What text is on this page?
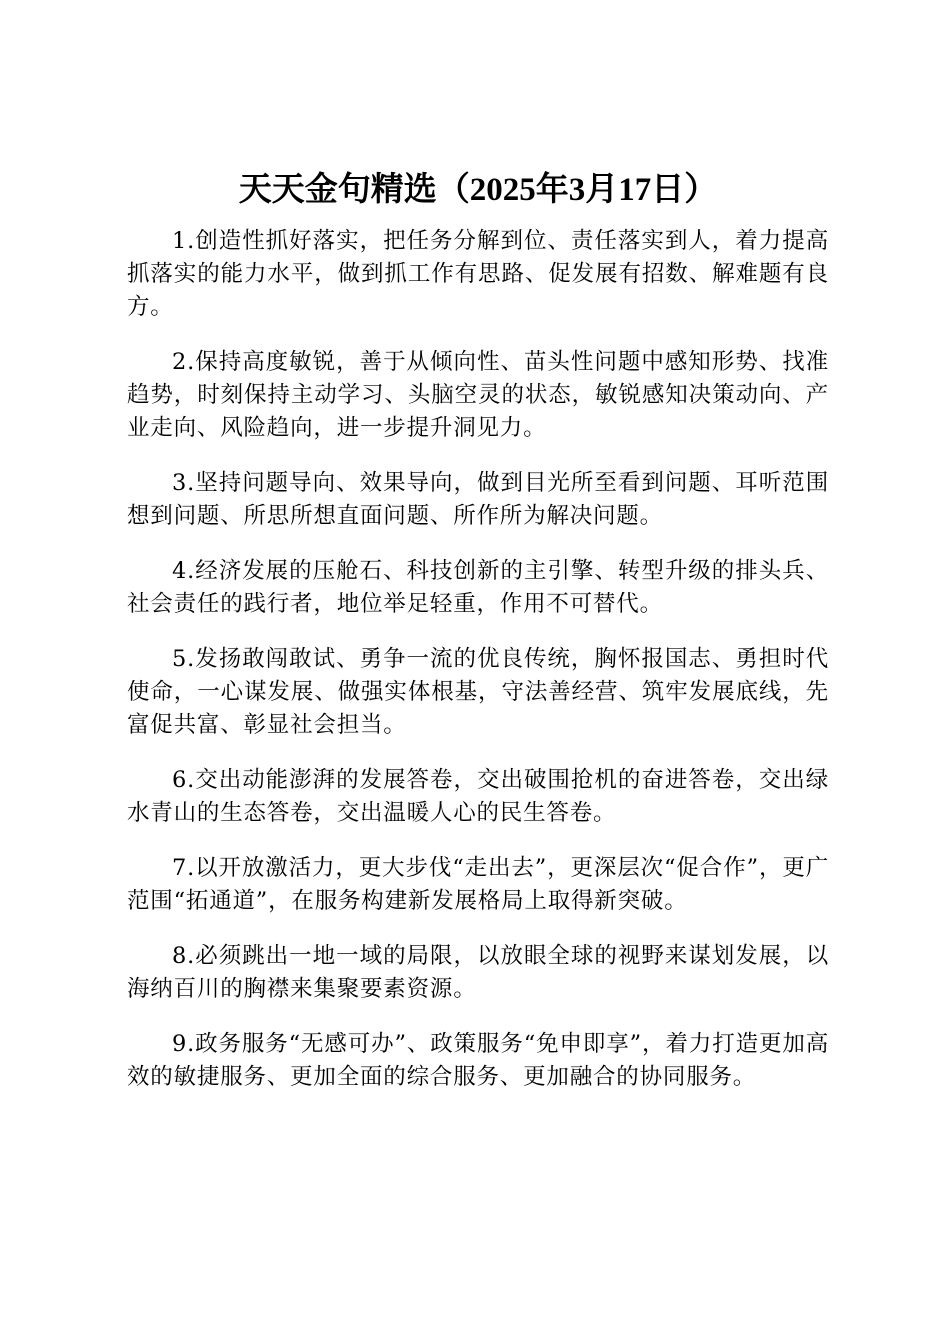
天天金句精选（2025年3月17日）

1.创造性抓好落实，把任务分解到位、责任落实到人，着力提高抓落实的能力水平，做到抓工作有思路、促发展有招数、解难题有良方。

2.保持高度敏锐，善于从倾向性、苗头性问题中感知形势、找准趋势，时刻保持主动学习、头脑空灵的状态，敏锐感知决策动向、产业走向、风险趋向，进一步提升洞见力。

3.坚持问题导向、效果导向，做到目光所至看到问题、耳听范围想到问题、所思所想直面问题、所作所为解决问题。

4.经济发展的压舱石、科技创新的主引擎、转型升级的排头兵、社会责任的践行者，地位举足轻重，作用不可替代。

5.发扬敢闯敢试、勇争一流的优良传统，胸怀报国志、勇担时代使命，一心谋发展、做强实体根基，守法善经营、筑牢发展底线，先富促共富、彰显社会担当。

6.交出动能澎湃的发展答卷，交出破围抢机的奋进答卷，交出绿水青山的生态答卷，交出温暖人心的民生答卷。

7.以开放激活力，更大步伐“走出去”，更深层次“促合作”，更广范围“拓通道”，在服务构建新发展格局上取得新突破。

8.必须跳出一地一域的局限，以放眼全球的视野来谋划发展，以海纳百川的胸襟来集聚要素资源。

9.政务服务“无感可办”、政策服务“免申即享”，着力打造更加高效的敏捷服务、更加全面的综合服务、更加融合的协同服务。
